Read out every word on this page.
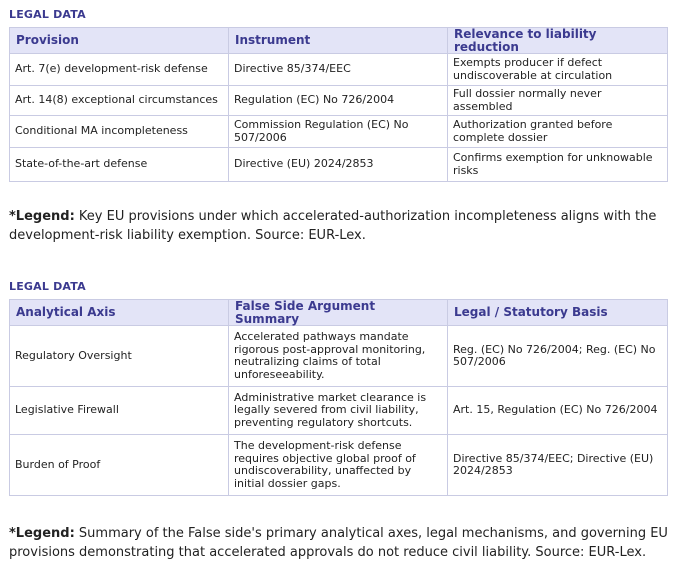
LEGAL DATA
Provision	Instrument	Relevance to liability reduction
Art. 7(e) development-risk defense	Directive 85/374/EEC	Exempts producer if defect undiscoverable at circulation
Art. 14(8) exceptional circumstances	Regulation (EC) No 726/2004	Full dossier normally never assembled
Conditional MA incompleteness	Commission Regulation (EC) No 507/2006	Authorization granted before complete dossier
State-of-the-art defense	Directive (EU) 2024/2853	Confirms exemption for unknowable risks
*Legend: Key EU provisions under which accelerated-authorization incompleteness aligns with the development-risk liability exemption. Source: EUR-Lex.
LEGAL DATA
Analytical Axis	False Side Argument Summary	Legal / Statutory Basis
Regulatory Oversight	Accelerated pathways mandate rigorous post-approval monitoring, neutralizing claims of total unforeseeability.	Reg. (EC) No 726/2004; Reg. (EC) No 507/2006
Legislative Firewall	Administrative market clearance is legally severed from civil liability, preventing regulatory shortcuts.	Art. 15, Regulation (EC) No 726/2004
Burden of Proof	The development-risk defense requires objective global proof of undiscoverability, unaffected by initial dossier gaps.	Directive 85/374/EEC; Directive (EU) 2024/2853
*Legend: Summary of the False side's primary analytical axes, legal mechanisms, and governing EU provisions demonstrating that accelerated approvals do not reduce civil liability. Source: EUR-Lex.
